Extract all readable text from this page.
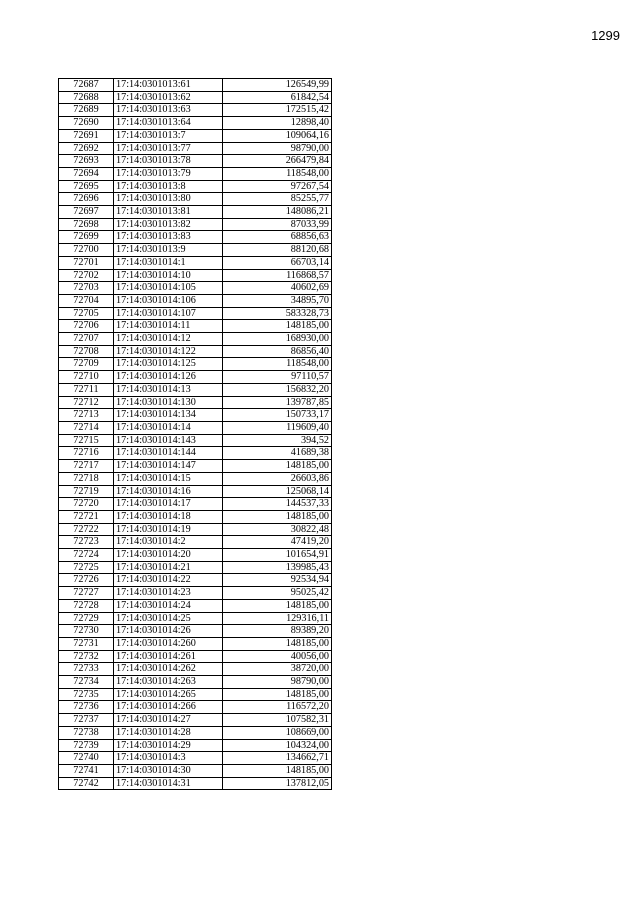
1299
72687	17:14:0301013:61	126549,99
72688	17:14:0301013:62	61842,54
72689	17:14:0301013:63	172515,42
72690	17:14:0301013:64	12898,40
72691	17:14:0301013:7	109064,16
72692	17:14:0301013:77	98790,00
72693	17:14:0301013:78	266479,84
72694	17:14:0301013:79	118548,00
72695	17:14:0301013:8	97267,54
72696	17:14:0301013:80	85255,77
72697	17:14:0301013:81	148086,21
72698	17:14:0301013:82	87033,99
72699	17:14:0301013:83	68856,63
72700	17:14:0301013:9	88120,68
72701	17:14:0301014:1	66703,14
72702	17:14:0301014:10	116868,57
72703	17:14:0301014:105	40602,69
72704	17:14:0301014:106	34895,70
72705	17:14:0301014:107	583328,73
72706	17:14:0301014:11	148185,00
72707	17:14:0301014:12	168930,00
72708	17:14:0301014:122	86856,40
72709	17:14:0301014:125	118548,00
72710	17:14:0301014:126	97110,57
72711	17:14:0301014:13	156832,20
72712	17:14:0301014:130	139787,85
72713	17:14:0301014:134	150733,17
72714	17:14:0301014:14	119609,40
72715	17:14:0301014:143	394,52
72716	17:14:0301014:144	41689,38
72717	17:14:0301014:147	148185,00
72718	17:14:0301014:15	26603,86
72719	17:14:0301014:16	125068,14
72720	17:14:0301014:17	144537,33
72721	17:14:0301014:18	148185,00
72722	17:14:0301014:19	30822,48
72723	17:14:0301014:2	47419,20
72724	17:14:0301014:20	101654,91
72725	17:14:0301014:21	139985,43
72726	17:14:0301014:22	92534,94
72727	17:14:0301014:23	95025,42
72728	17:14:0301014:24	148185,00
72729	17:14:0301014:25	129316,11
72730	17:14:0301014:26	89389,20
72731	17:14:0301014:260	148185,00
72732	17:14:0301014:261	40056,00
72733	17:14:0301014:262	38720,00
72734	17:14:0301014:263	98790,00
72735	17:14:0301014:265	148185,00
72736	17:14:0301014:266	116572,20
72737	17:14:0301014:27	107582,31
72738	17:14:0301014:28	108669,00
72739	17:14:0301014:29	104324,00
72740	17:14:0301014:3	134662,71
72741	17:14:0301014:30	148185,00
72742	17:14:0301014:31	137812,05
